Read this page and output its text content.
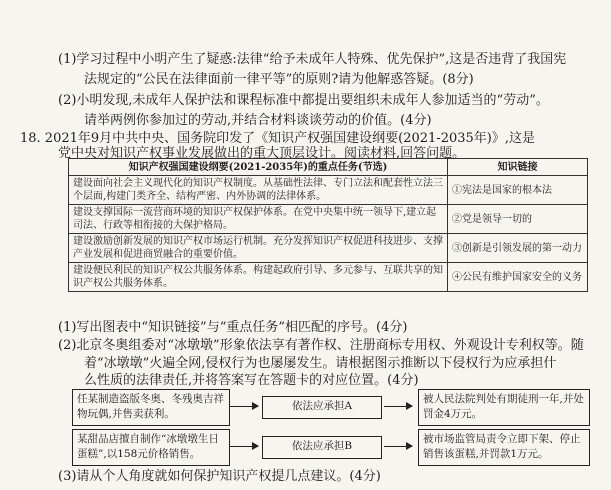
(1)学习过程中小明产生了疑惑:法律“给予未成年人特殊、优先保护”,这是否违背了我国宪
法规定的“公民在法律面前一律平等”的原则?请为他解惑答疑。(8分)
(2)小明发现,未成年人保护法和课程标准中都提出要组织未成年人参加适当的“劳动”。
请举两例你参加过的劳动,并结合材料谈谈劳动的价值。(4分)
18. 2021年9月中共中央、国务院印发了《知识产权强国建设纲要(2021-2035年)》,这是
党中央对知识产权事业发展做出的重大顶层设计。阅读材料,回答问题。
知识产权强国建设纲要(2021-2035年)的重点任务(节选)	知识链接
建设面向社会主义现代化的知识产权制度。从基础性法律、专门立法和配套性立法三个层面,构建门类齐全、结构严密、内外协调的法律体系。	①宪法是国家的根本法
建设支撑国际一流营商环境的知识产权保护体系。在党中央集中统一领导下,建立起司法、行政等相衔接的大保护格局。	②党是领导一切的
建设激励创新发展的知识产权市场运行机制。充分发挥知识产权促进科技进步、支撑产业发展和促进商贸融合的重要价值。	③创新是引领发展的第一动力
建设便民利民的知识产权公共服务体系。构建起政府引导、多元参与、互联共享的知识产权公共服务体系。	④公民有维护国家安全的义务
(1)写出图表中“知识链接”与“重点任务”相匹配的序号。(4分)
(2)北京冬奥组委对“冰墩墩”形象依法享有著作权、注册商标专用权、外观设计专利权等。随
着“冰墩墩”火遍全网,侵权行为也屡屡发生。请根据图示推断以下侵权行为应承担什
么性质的法律责任,并将答案写在答题卡的对应位置。(4分)
任某制造盗版冬奥、冬残奥吉祥物玩偶,并售卖获利。
依法应承担A
被人民法院判处有期徒刑一年,并处罚金4万元。
某甜品店擅自制作“冰墩墩生日蛋糕”,以158元价格销售。
依法应承担B
被市场监管局责令立即下架、停止销售该蛋糕,并罚款1万元。
(3)请从个人角度就如何保护知识产权提几点建议。(4分)
